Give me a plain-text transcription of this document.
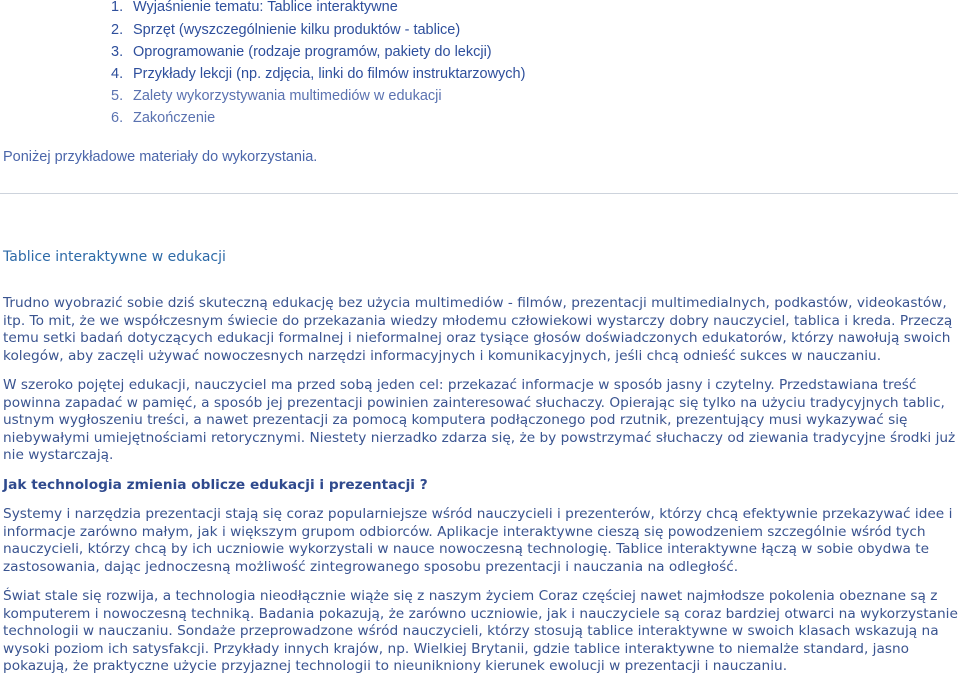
1. Wyjaśnienie tematu: Tablice interaktywne
2. Sprzęt (wyszczególnienie kilku produktów - tablice)
3. Oprogramowanie (rodzaje programów, pakiety do lekcji)
4. Przykłady lekcji (np. zdjęcia, linki do filmów instruktarzowych)
5. Zalety wykorzystywania multimediów w edukacji
6. Zakończenie
Poniżej przykładowe materiały do wykorzystania.
Tablice interaktywne w edukacji

Trudno wyobrazić sobie dziś skuteczną edukację bez użycia multimediów - filmów, prezentacji multimedialnych, podkastów, videokastów, itp. To mit, że we współczesnym świecie do przekazania wiedzy młodemu człowiekowi wystarczy dobry nauczyciel, tablica i kreda. Przeczą temu setki badań dotyczących edukacji formalnej i nieformalnej oraz tysiące głosów doświadczonych edukatorów, którzy nawołują swoich kolegów, aby zaczęli używać nowoczesnych narzędzi informacyjnych i komunikacyjnych, jeśli chcą odnieść sukces w nauczaniu.

W szeroko pojętej edukacji, nauczyciel ma przed sobą jeden cel: przekazać informacje w sposób jasny i czytelny. Przedstawiana treść powinna zapadać w pamięć, a sposób jej prezentacji powinien zainteresować słuchaczy. Opierając się tylko na użyciu tradycyjnych tablic, ustnym wygłoszeniu treści, a nawet prezentacji za pomocą komputera podłączonego pod rzutnik, prezentujący musi wykazywać się niebywałymi umiejętnościami retorycznymi. Niestety nierzadko zdarza się, że by powstrzymać słuchaczy od ziewania tradycyjne środki już nie wystarczają.

Jak technologia zmienia oblicze edukacji i prezentacji ?

Systemy i narzędzia prezentacji stają się coraz popularniejsze wśród nauczycieli i prezenterów, którzy chcą efektywnie przekazywać idee i informacje zarówno małym, jak i większym grupom odbiorców. Aplikacje interaktywne cieszą się powodzeniem szczególnie wśród tych nauczycieli, którzy chcą by ich uczniowie wykorzystali w nauce nowoczesną technologię. Tablice interaktywne łączą w sobie obydwa te zastosowania, dając jednoczesną możliwość zintegrowanego sposobu prezentacji i nauczania na odległość.

Świat stale się rozwija, a technologia nieodłącznie wiąże się z naszym życiem Coraz częściej nawet najmłodsze pokolenia obeznane są z komputerem i nowoczesną techniką. Badania pokazują, że zarówno uczniowie, jak i nauczyciele są coraz bardziej otwarci na wykorzystanie technologii w nauczaniu. Sondaże przeprowadzone wśród nauczycieli, którzy stosują tablice interaktywne w swoich klasach wskazują na wysoki poziom ich satysfakcji. Przykłady innych krajów, np. Wielkiej Brytanii, gdzie tablice interaktywne to niemalże standard, jasno pokazują, że praktyczne użycie przyjaznej technologii to nieunikniony kierunek ewolucji w prezentacji i nauczaniu.
